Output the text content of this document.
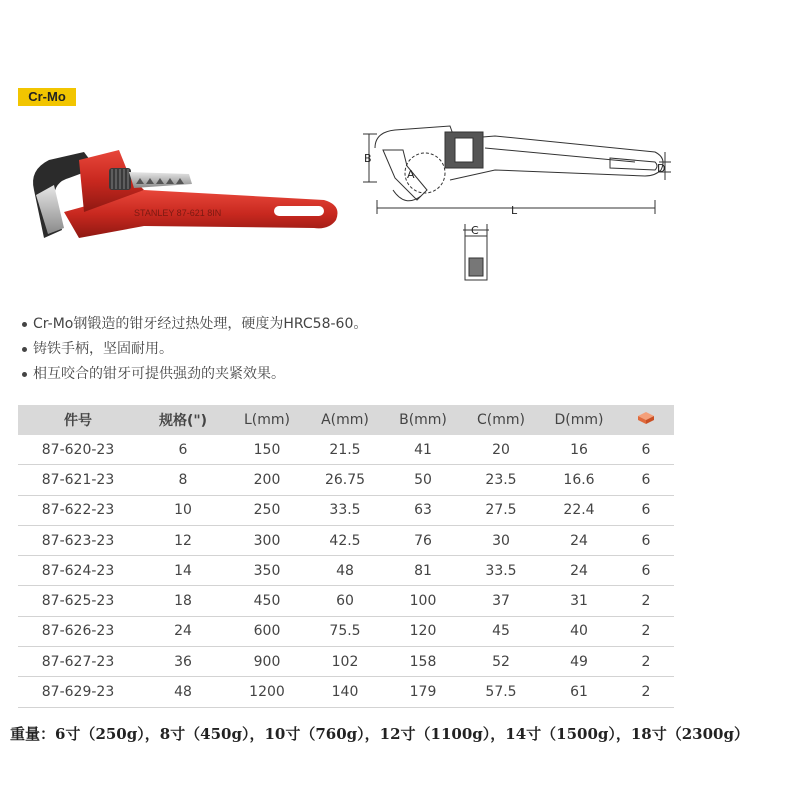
Cr-Mo
STANLEY 87-621 8IN
B
A
L
D
C
Cr-Mo钢锻造的钳牙经过热处理，硬度为HRC58-60。
铸铁手柄，坚固耐用。
相互咬合的钳牙可提供强劲的夹紧效果。
件号	规格(")	L(mm)	A(mm)	B(mm)	C(mm)	D(mm)	
87-620-23	6	150	21.5	41	20	16	6
87-621-23	8	200	26.75	50	23.5	16.6	6
87-622-23	10	250	33.5	63	27.5	22.4	6
87-623-23	12	300	42.5	76	30	24	6
87-624-23	14	350	48	81	33.5	24	6
87-625-23	18	450	60	100	37	31	2
87-626-23	24	600	75.5	120	45	40	2
87-627-23	36	900	102	158	52	49	2
87-629-23	48	1200	140	179	57.5	61	2
重量：6寸（250g），8寸（450g），10寸（760g），12寸（1100g），14寸（1500g），18寸（2300g）
